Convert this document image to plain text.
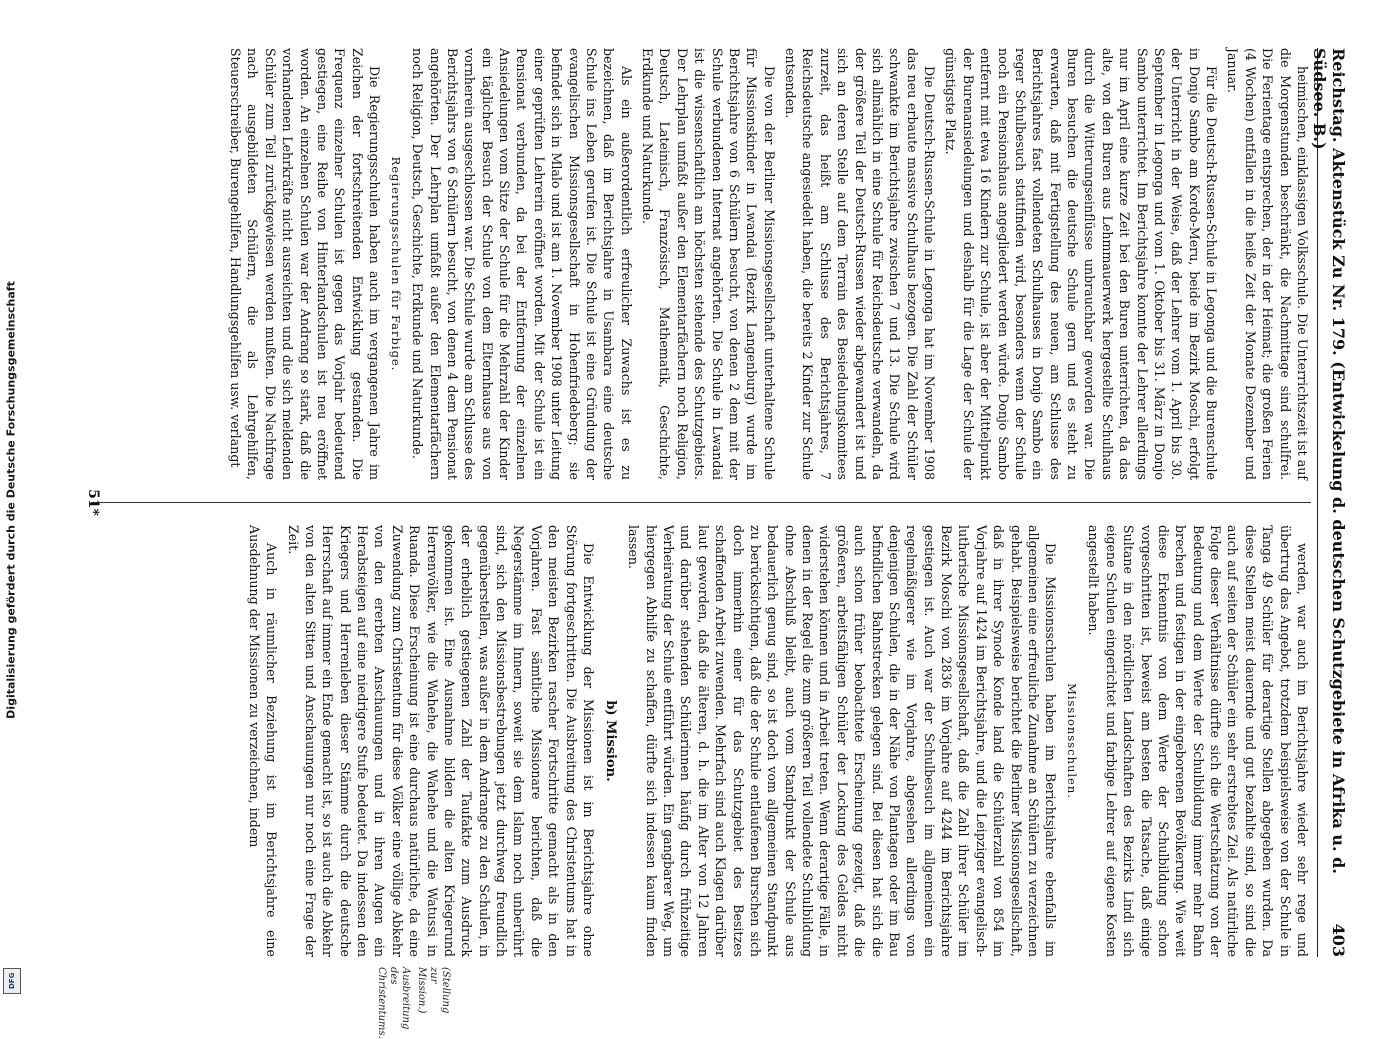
Digitalisierung gefördert durch die Deutsche Forschungsgemeinschaft
DFG
Reichstag. Aktenstück Zu Nr. 179. (Entwickelung d. deutschen Schutzgebiete in Afrika u. d. Südsee. B.)
403

heimischen, einklassigen Volksschule. Die Unterrichtszeit ist auf die Morgenstunden beschränkt, die Nachmittage sind schulfrei. Die Ferientage entsprechen, der in der Heimat; die großen Ferien (4 Wochen) entfallen in die heiße Zeit der Monate Dezember und Januar.

Für die Deutsch-Russen-Schule in Legonga und die Burenschule in Donjo Sambo am Kordo-Meru, beide im Bezirk Moschi, erfolgt der Unterricht in der Weise, daß der Lehrer vom 1. April bis 30. September in Legonga und vom 1. Oktober bis 31. März in Donjo Sambo unterrichtet. Im Berichtsjahre konnte der Lehrer allerdings nur im April eine kurze Zeit bei den Buren unterrichten, da das alte, von den Buren aus Lehmmauerwerk hergestellte Schulhaus durch die Witterungseinflüsse unbrauchbar geworden war. Die Buren besuchen die deutsche Schule gern und es steht zu erwarten, daß mit Fertigstellung des neuen, am Schlusse des Berichtsjahres fast vollendeten Schulhauses in Donjo Sambo ein reger Schulbesuch stattfinden wird, besonders wenn der Schule noch ein Pensionshaus angegliedert werden würde. Donjo Sambo entfernt mit etwa 16 Kindern zur Schule, ist aber der Mittelpunkt der Burenansiedelungen und deshalb für die Lage der Schule der günstigste Platz.

Die Deutsch-Russen-Schule in Legonga hat im November 1908 das neu erbaute massive Schulhaus bezogen. Die Zahl der Schüler schwankte im Berichtsjahre zwischen 7 und 13. Die Schule wird sich allmählich in eine Schule für Reichsdeutsche verwandeln, da der größere Teil der Deutsch-Russen wieder abgewandert ist und sich an deren Stelle auf dem Terrain des Besiedelungskomitees zurzeit, das heißt am Schlusse des Berichtsjahres, 7 Reichsdeutsche angesiedelt haben, die bereits 2 Kinder zur Schule entsenden.

Die von der Berliner Missionsgesellschaft unterhaltene Schule für Missionskinder in Lwandai (Bezirk Langenburg) wurde im Berichtsjahre von 6 Schülern besucht, von denen 2 dem mit der Schule verbundenen Internat angehörten. Die Schule in Lwandai ist die wissenschaftlich am höchsten stehende des Schutzgebiets. Der Lehrplan umfaßt außer den Elementarfächern noch Religion, Deutsch, Lateinisch, Französisch, Mathematik, Geschichte, Erdkunde und Naturkunde.

Als ein außerordentlich erfreulicher Zuwachs ist es zu bezeichnen, daß im Berichtsjahre in Usambara eine deutsche Schule ins Leben gerufen ist. Die Schule ist eine Gründung der evangelischen Missionsgesellschaft in Hohenfriedeberg; sie befindet sich in Mlalo und ist am 1. November 1908 unter Leitung einer geprüften Lehrerin eröffnet worden. Mit der Schule ist ein Pensionat verbunden, da bei der Entfernung der einzelnen Ansiedelungen vom Sitze der Schule für die Mehrzahl der Kinder ein täglicher Besuch der Schule von dem Elternhause aus von vornherein ausgeschlossen war. Die Schule wurde am Schlusse des Berichtsjahrs von 6 Schülern besucht, von denen 4 dem Pensionat angehörten. Der Lehrplan umfaßt außer den Elementarfächern noch Religion, Deutsch, Geschichte, Erdkunde und Naturkunde.

Regierungsschulen für Farbige.

Die Regierungsschulen haben auch im vergangenen Jahre im Zeichen der fortschreitenden Entwicklung gestanden. Die Frequenz einzelner Schulen ist gegen das Vorjahr bedeutend gestiegen, eine Reihe von Hinterlandschulen ist neu eröffnet worden. An einzelnen Schulen war der Andrang so stark, daß die vorhandenen Lehrkräfte nicht ausreichten und die sich meldenden Schüler zum Teil zurückgewiesen werden mußten. Die Nachfrage nach ausgebildeten Schülern, die als Lehrgehilfen, Steuerschreiber, Burengehilfen, Handlungsgehilfen usw. verlangt

werden, war auch im Berichtsjahre wieder sehr rege und übertrug das Angebot, trotzdem beispielsweise von der Schule in Tanga 49 Schüler für derartige Stellen abgegeben wurden. Da diese Stellen meist dauernde und gut bezahlte sind, so sind die auch auf seiten der Schüler ein sehr erstrebtes Ziel. Als natürliche Folge dieser Verhältnisse dürfte sich die Wertschätzung von der Bedeutung und dem Werte der Schulbildung immer mehr Bahn brechen und festigen in der eingeborenen Bevölkerung. Wie weit diese Erkenntnis von dem Werte der Schulbildung schon vorgeschritten ist, beweist am besten die Tatsache, daß einige Sultane in den nördlichen Landschaften des Bezirks Lindi sich eigene Schulen eingerichtet und farbige Lehrer auf eigene Kosten angestellt haben.

Missionsschulen.

Die Missionsschulen haben im Berichtsjahre ebenfalls im allgemeinen eine erfreuliche Zunahme an Schülern zu verzeichnen gehabt. Beispielsweise berichtet die Berliner Missionsgesellschaft, daß in ihrer Synode Konde land die Schülerzahl von 854 im Vorjahre auf 1424 im Berichtsjahre, und die Leipziger evangelisch-lutherische Missionsgesellschaft, daß die Zahl ihrer Schüler im Bezirk Moschi von 2836 im Vorjahre auf 4244 im Berichtsjahre gestiegen ist. Auch war der Schulbesuch im allgemeinen ein regelmäßigerer wie im Vorjahre, abgesehen allerdings von denjenigen Schulen, die in der Nähe von Plantagen oder im Bau befindlichen Bahnstrecken gelegen sind. Bei diesen hat sich die auch schon früher beobachtete Erscheinung gezeigt, daß die größeren, arbeitsfähigen Schüler der Lockung des Geldes nicht widerstehen können und in Arbeit treten. Wenn derartige Fälle, in denen in der Regel die zum größeren Teil vollendete Schulbildung ohne Abschluß bleibt, auch vom Standpunkt der Schule aus bedauerlich genug sind, so ist doch vom allgemeinen Standpunkt zu berücksichtigen, daß die der Schule entlaufenen Burschen sich doch immerhin einer für das Schutzgebiet des Besitzes schaffenden Arbeit zuwenden. Mehrfach sind auch Klagen darüber laut geworden, daß die älteren, d. h. die im Alter von 12 Jahren und darüber stehenden Schülerinnen häufig durch frühzeitige Verheiratung der Schule entführt würden. Ein gangbarer Weg, um hiergegen Abhilfe zu schaffen, dürfte sich indessen kaum finden lassen.

b) Mission.

Die Entwicklung der Missionen ist im Berichtsjahre ohne Störung fortgeschritten. Die Ausbreitung des Christentums hat in den meisten Bezirken rascher Fortschritte gemacht als in den Vorjahren. Fast sämtliche Missionare berichten, daß die Negerstämme im Innern, soweit sie dem Islam noch unberührt sind, sich den Missionsbestrebungen jetzt durchweg freundlich gegenüberstellen, was außer in dem Andrange zu den Schulen, in der erheblich gestiegenen Zahl der Taufakte zum Ausdruck gekommen ist. Eine Ausnahme bilden die alten Kriegerund Herrenvölker, wie die Wahehe, die Wahehe und die Watussi in Ruanda. Diese Erscheinung ist eine durchaus natürliche, da eine Zuwendung zum Christentum für diese Völker eine völlige Abkehr von den ererbten Anschauungen und in ihren Augen ein Herabsteigen auf eine niedrigere Stufe bedeutet. Da indessen den Kriegers und Herrenleben dieser Stämme durch die deutsche Herrschaft auf immer ein Ende gemacht ist, so ist auch die Abkehr von den alten Sitten und Anschauungen nur noch eine Frage der Zeit.

Auch in räumlicher Beziehung ist im Berichtsjahre eine Ausdehnung der Missionen zu verzeichnen, indem

(Stellung zur Mission.)
Ausbreitung des Christentums.
51*
